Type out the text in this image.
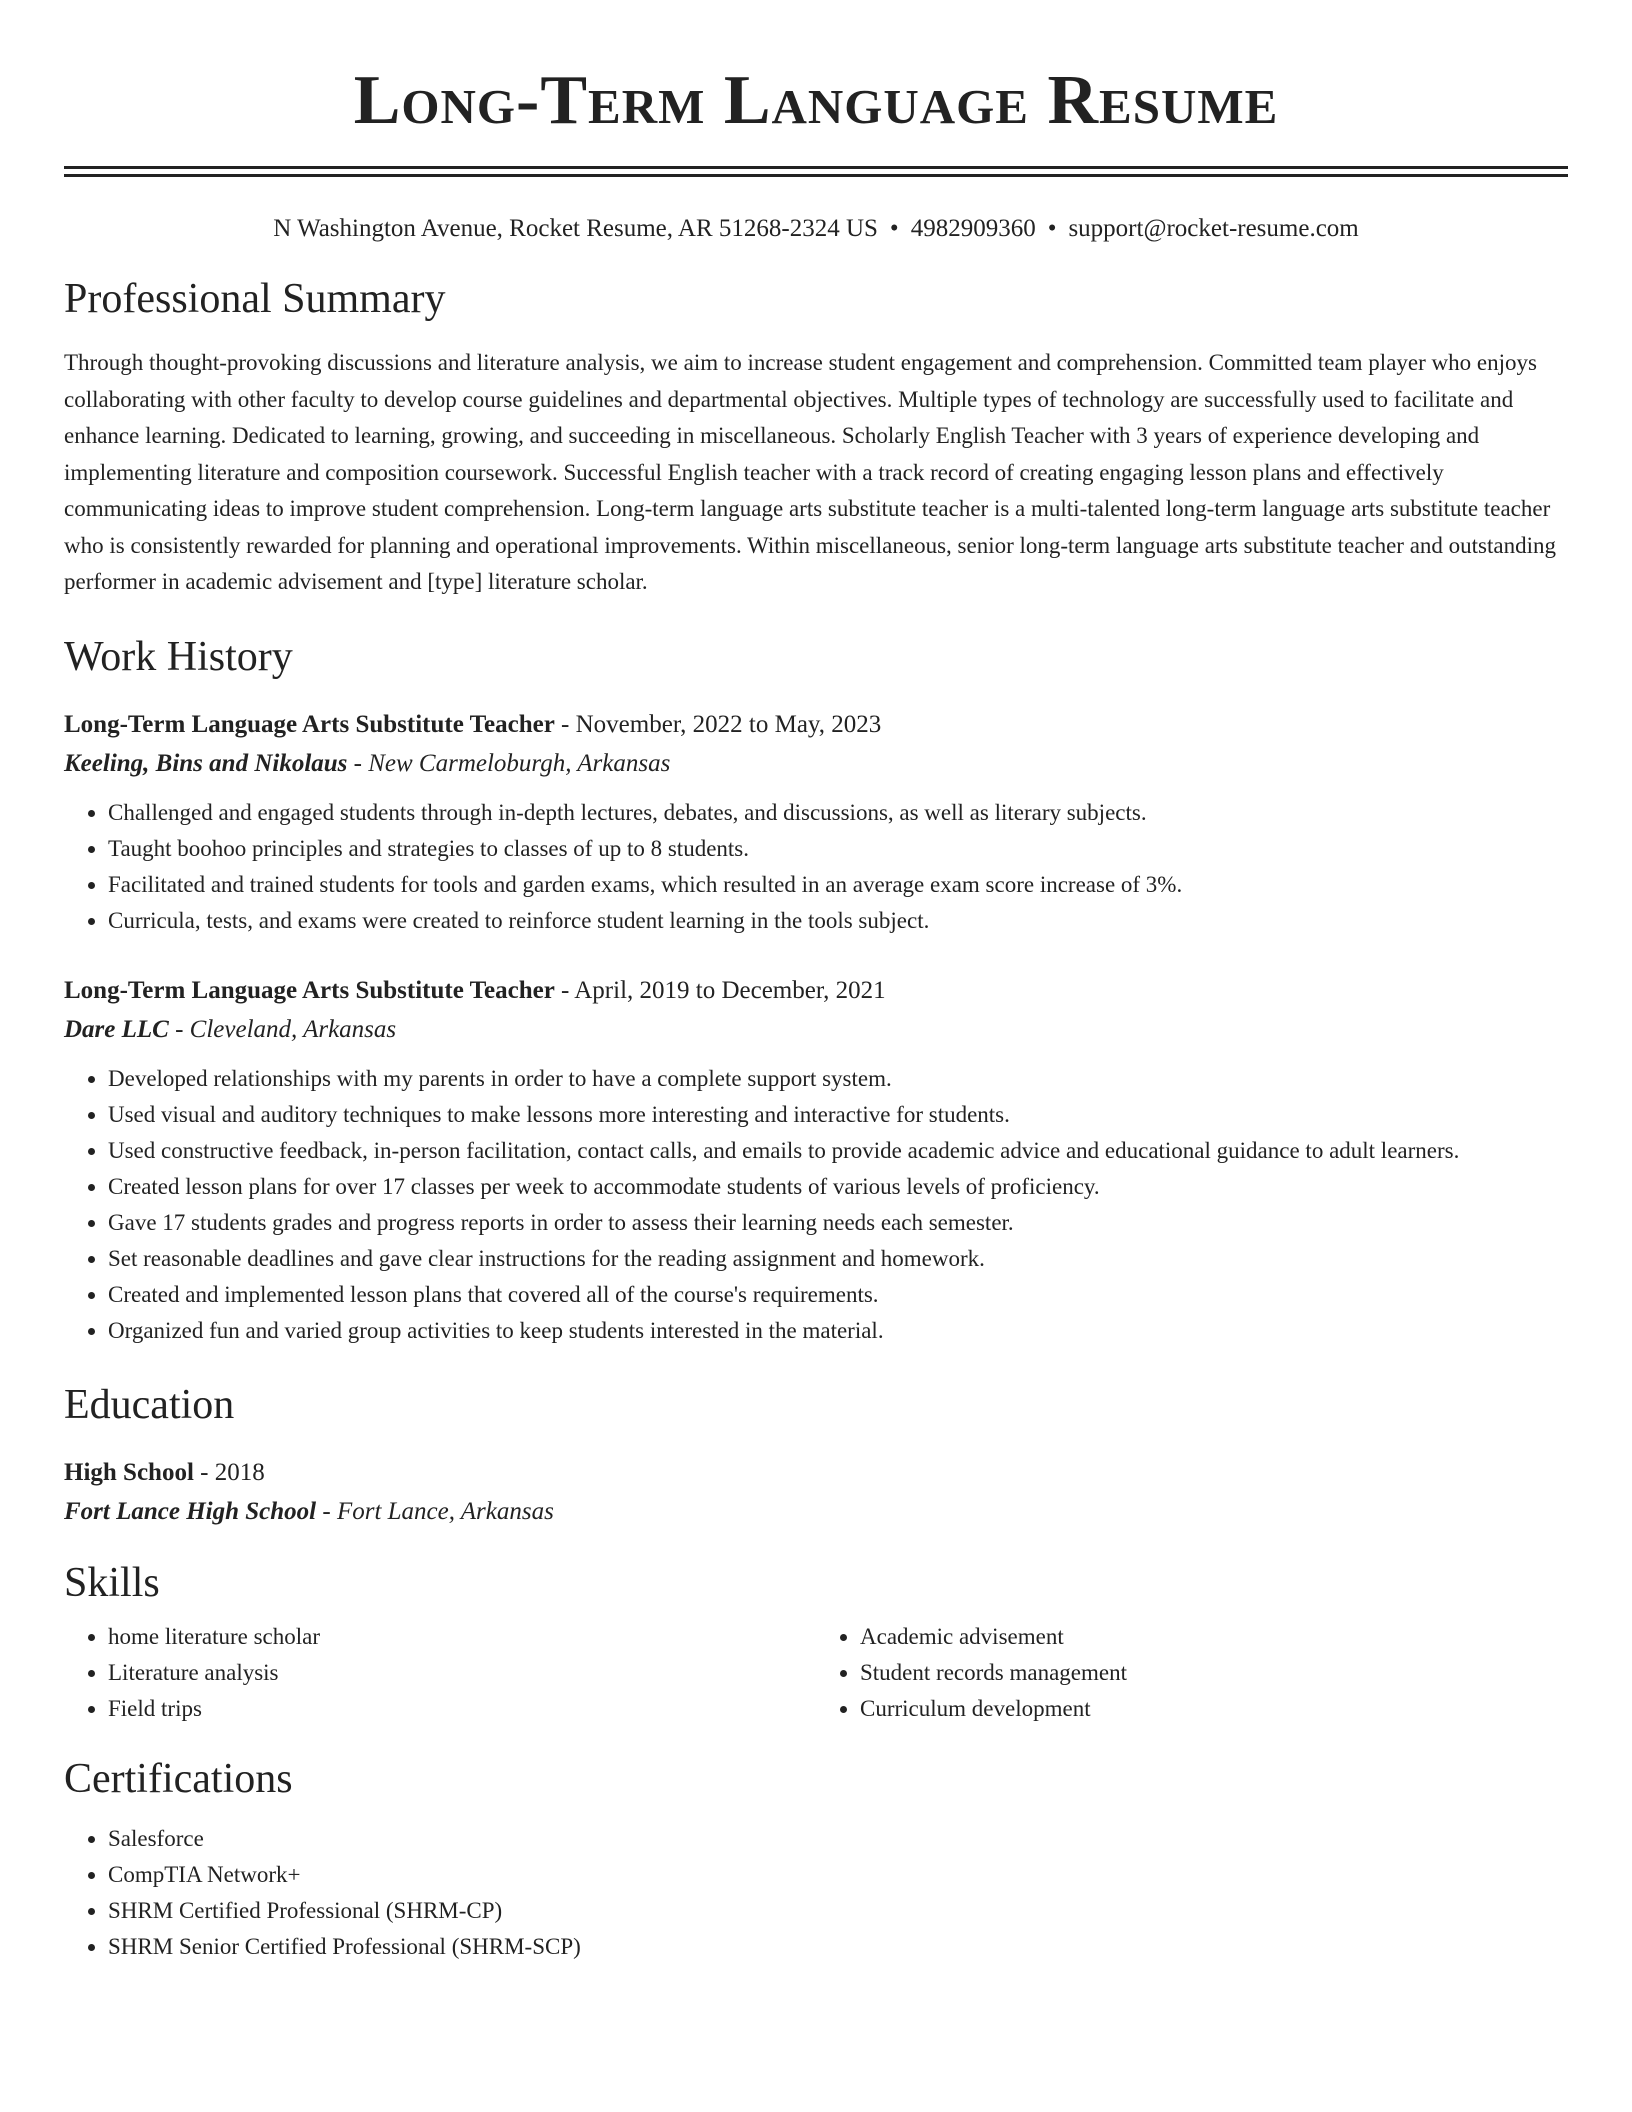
Long-Term Language Resume
N Washington Avenue, Rocket Resume, AR 51268-2324 US • 4982909360 • support@rocket-resume.com
Professional Summary

Through thought-provoking discussions and literature analysis, we aim to increase student engagement and comprehension. Committed team player who enjoys collaborating with other faculty to develop course guidelines and departmental objectives. Multiple types of technology are successfully used to facilitate and enhance learning. Dedicated to learning, growing, and succeeding in miscellaneous. Scholarly English Teacher with 3 years of experience developing and implementing literature and composition coursework. Successful English teacher with a track record of creating engaging lesson plans and effectively communicating ideas to improve student comprehension. Long-term language arts substitute teacher is a multi-talented long-term language arts substitute teacher who is consistently rewarded for planning and operational improvements. Within miscellaneous, senior long-term language arts substitute teacher and outstanding performer in academic advisement and [type] literature scholar.

Work History
Long-Term Language Arts Substitute Teacher - November, 2022 to May, 2023
Keeling, Bins and Nikolaus - New Carmeloburgh, Arkansas
• Challenged and engaged students through in-depth lectures, debates, and discussions, as well as literary subjects.
• Taught boohoo principles and strategies to classes of up to 8 students.
• Facilitated and trained students for tools and garden exams, which resulted in an average exam score increase of 3%.
• Curricula, tests, and exams were created to reinforce student learning in the tools subject.
Long-Term Language Arts Substitute Teacher - April, 2019 to December, 2021
Dare LLC - Cleveland, Arkansas
• Developed relationships with my parents in order to have a complete support system.
• Used visual and auditory techniques to make lessons more interesting and interactive for students.
• Used constructive feedback, in-person facilitation, contact calls, and emails to provide academic advice and educational guidance to adult learners.
• Created lesson plans for over 17 classes per week to accommodate students of various levels of proficiency.
• Gave 17 students grades and progress reports in order to assess their learning needs each semester.
• Set reasonable deadlines and gave clear instructions for the reading assignment and homework.
• Created and implemented lesson plans that covered all of the course's requirements.
• Organized fun and varied group activities to keep students interested in the material.
Education
High School - 2018
Fort Lance High School - Fort Lance, Arkansas
Skills
• home literature scholar
• Literature analysis
• Field trips
• Academic advisement
• Student records management
• Curriculum development
Certifications
• Salesforce
• CompTIA Network+
• SHRM Certified Professional (SHRM-CP)
• SHRM Senior Certified Professional (SHRM-SCP)
